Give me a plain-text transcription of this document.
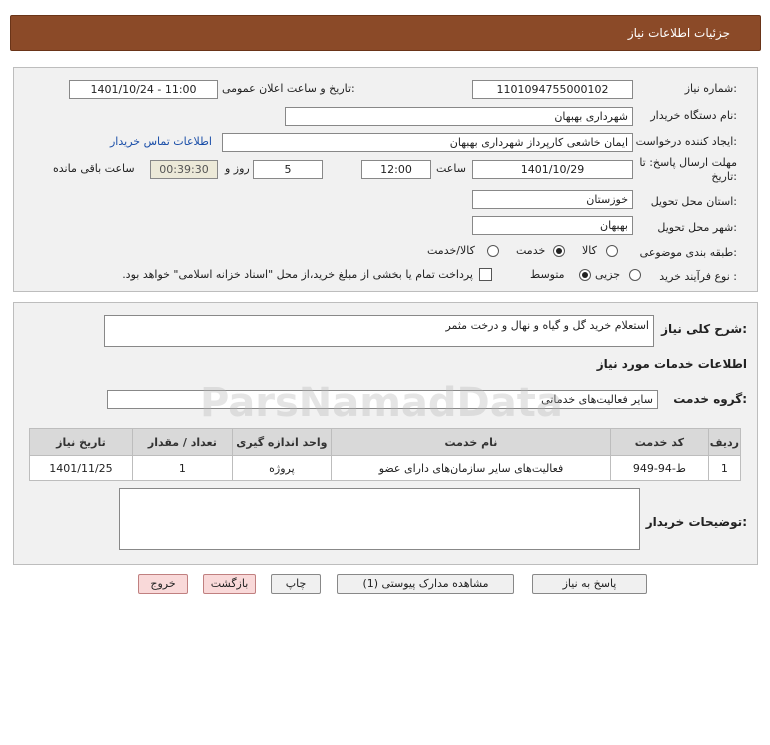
جزئیات اطلاعات نیاز
شماره نیاز:
1101094755000102
تاریخ و ساعت اعلان عمومی:
1401/10/24 - 11:00
نام دستگاه خریدار:
شهرداری بهبهان
ایجاد کننده درخواست:
ایمان خاشعی کارپرداز شهرداری بهبهان
اطلاعات تماس خریدار
مهلت ارسال پاسخ: تا
تاریخ:
1401/10/29
ساعت
12:00
5
روز و
00:39:30
ساعت باقی مانده
استان محل تحویل:
خوزستان
شهر محل تحویل:
بهبهان
طبقه بندی موضوعی:
کالا
خدمت
کالا/خدمت
نوع فرآیند خرید :
جزیی
متوسط
پرداخت تمام یا بخشی از مبلغ خرید،از محل "اسناد خزانه اسلامی" خواهد بود.
شرح کلی نیاز:
استعلام خرید گل و گیاه و نهال و درخت مثمر
اطلاعات خدمات مورد نیاز
گروه خدمت:
سایر فعالیت‌های خدماتی
ردیف	کد خدمت	نام خدمت	واحد اندازه گیری	تعداد / مقدار	تاریخ نیاز
1	ط-94-949	فعالیت‌های سایر سازمان‌های دارای عضو	پروژه	1	1401/11/25
توضیحات خریدار:
ParsNamadData
پاسخ به نیاز
مشاهده مدارک پیوستی (1)
چاپ
بازگشت
خروج
